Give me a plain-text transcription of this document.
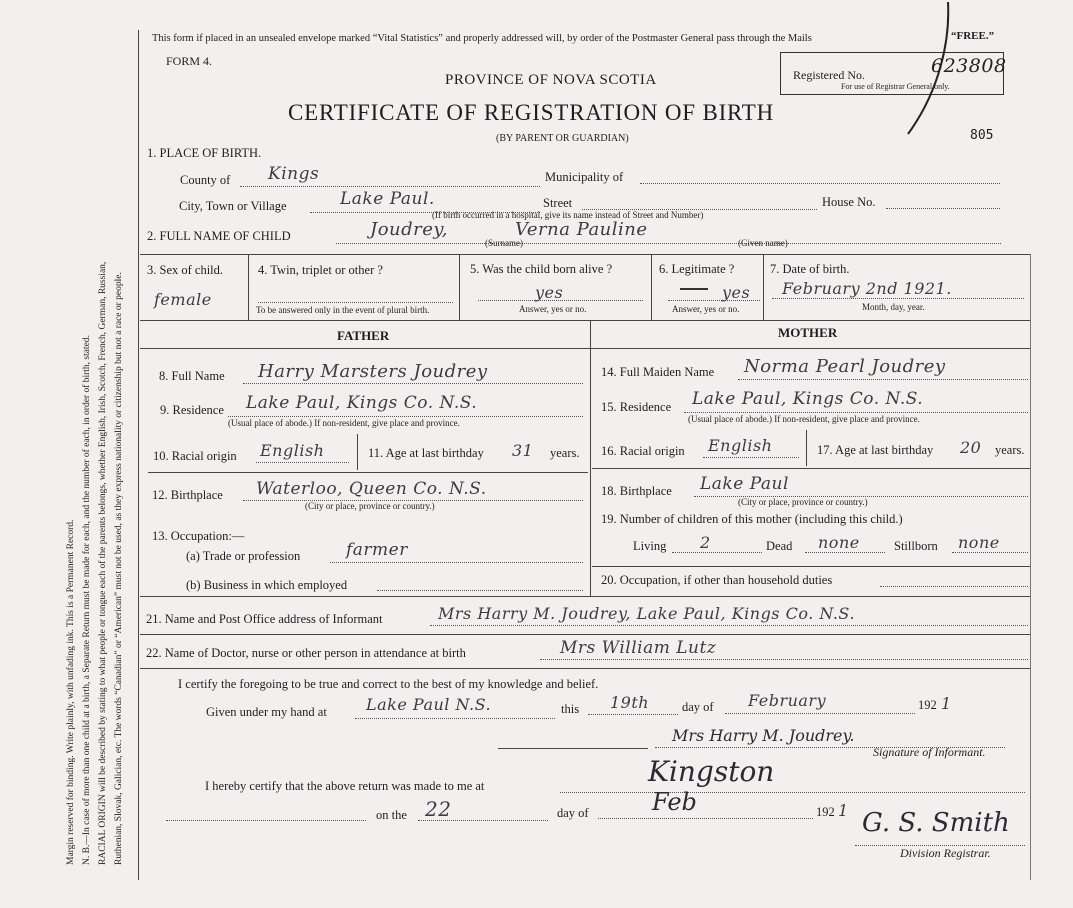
Margin reserved for binding. Write plainly, with unfading ink. This is a Permanent Record. N. B.—In case of more than one child at a birth, a Separate Return must be made for each, and the number of each, in order of birth, stated. RACIAL ORIGIN will be described by stating to what people or tongue each of the parents belongs, whether English, Irish, Scotch, French, German, Russian, Ruthenian, Slovak, Galician, etc. The words “Canadian” or “American” must not be used, as they express nationality or citizenship but not a race or people.
This form if placed in an unsealed envelope marked “Vital Statistics” and properly addressed will, by order of the Postmaster General pass through the Mails	“FREE.”
FORM 4.
PROVINCE OF NOVA SCOTIA
CERTIFICATE OF REGISTRATION OF BIRTH
(BY PARENT OR GUARDIAN)
Registered No.	623808
For use of Registrar General only.
805
1. PLACE OF BIRTH.
County of Kings	Municipality of
City, Town or Village	Lake Paul.	Street	House No.
(If birth occurred in a hospital, give its name instead of Street and Number)
2. FULL NAME OF CHILD	Joudrey,	Verna Pauline
(Surname)	(Given name)
3. Sex of child.
female
4. Twin, triplet or other ?
To be answered only in the event of plural birth.
5. Was the child born alive ?
yes
Answer, yes or no.
6. Legitimate ?
yes
Answer, yes or no.
7. Date of birth.
February 2nd 1921.
Month, day, year.
FATHER	MOTHER
8. Full Name Harry Marsters Joudrey
9. Residence Lake Paul, Kings Co. N.S.
(Usual place of abode.) If non-resident, give place and province.
10. Racial origin English	11. Age at last birthday 31 years.
12. Birthplace Waterloo, Queen Co. N.S.
(City or place, province or country.)
13. Occupation:—
(a) Trade or profession	farmer
(b) Business in which employed
14. Full Maiden Name Norma Pearl Joudrey
15. Residence Lake Paul, Kings Co. N.S.
(Usual place of abode.) If non-resident, give place and province.
16. Racial origin English	17. Age at last birthday 20 years.
18. Birthplace Lake Paul
(City or place, province or country.)
19. Number of children of this mother (including this child.)
Living 2	Dead none	Stillborn none
20. Occupation, if other than household duties
21. Name and Post Office address of Informant	Mrs Harry M. Joudrey, Lake Paul, Kings Co. N.S.
22. Name of Doctor, nurse or other person in attendance at birth	Mrs William Lutz
I certify the foregoing to be true and correct to the best of my knowledge and belief.
Given under my hand at Lake Paul N.S.	this 19th	day of February	192 1
Mrs Harry M. Joudrey.
Signature of Informant.
I hereby certify that the above return was made to me at	Kingston
on the 22	day of	Feb	192 1 G. S. Smith
Division Registrar.
